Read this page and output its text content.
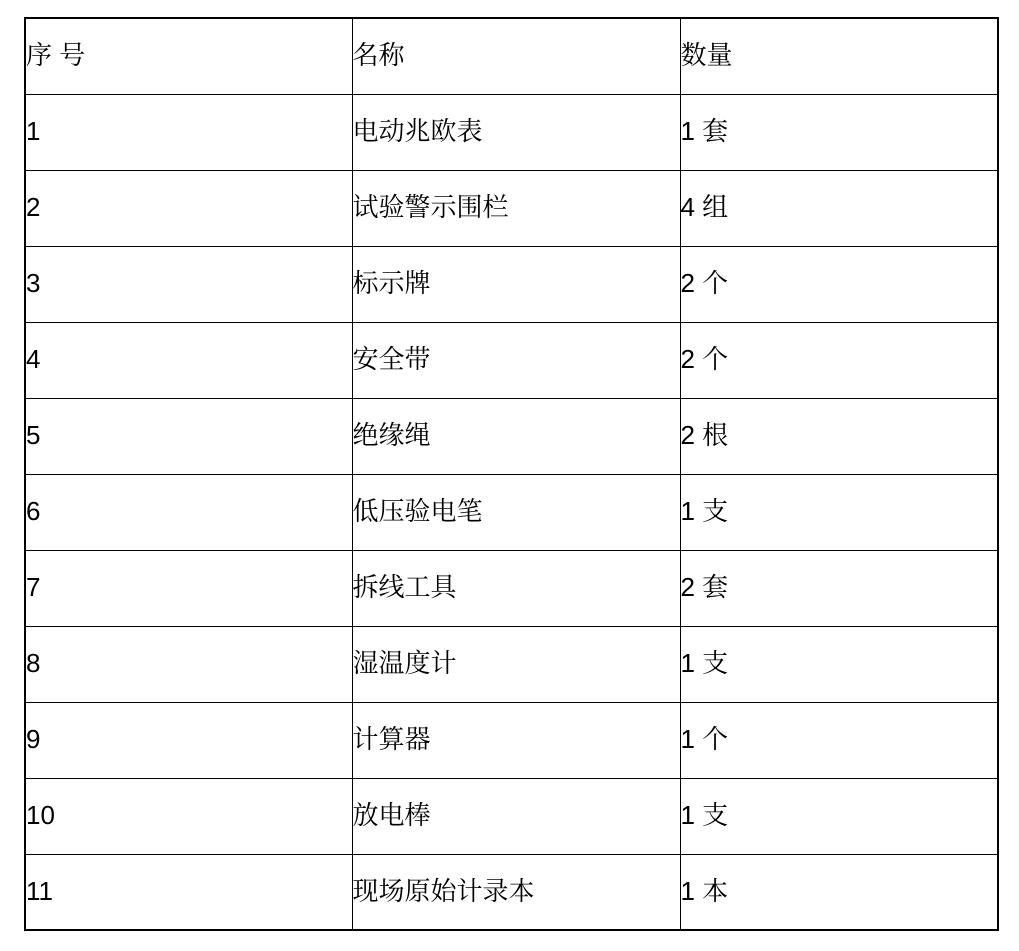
序 号	名称	数量
1	电动兆欧表	1 套
2	试验警示围栏	4 组
3	标示牌	2 个
4	安全带	2 个
5	绝缘绳	2 根
6	低压验电笔	1 支
7	拆线工具	2 套
8	湿温度计	1 支
9	计算器	1 个
10	放电棒	1 支
11	现场原始计录本	1 本
